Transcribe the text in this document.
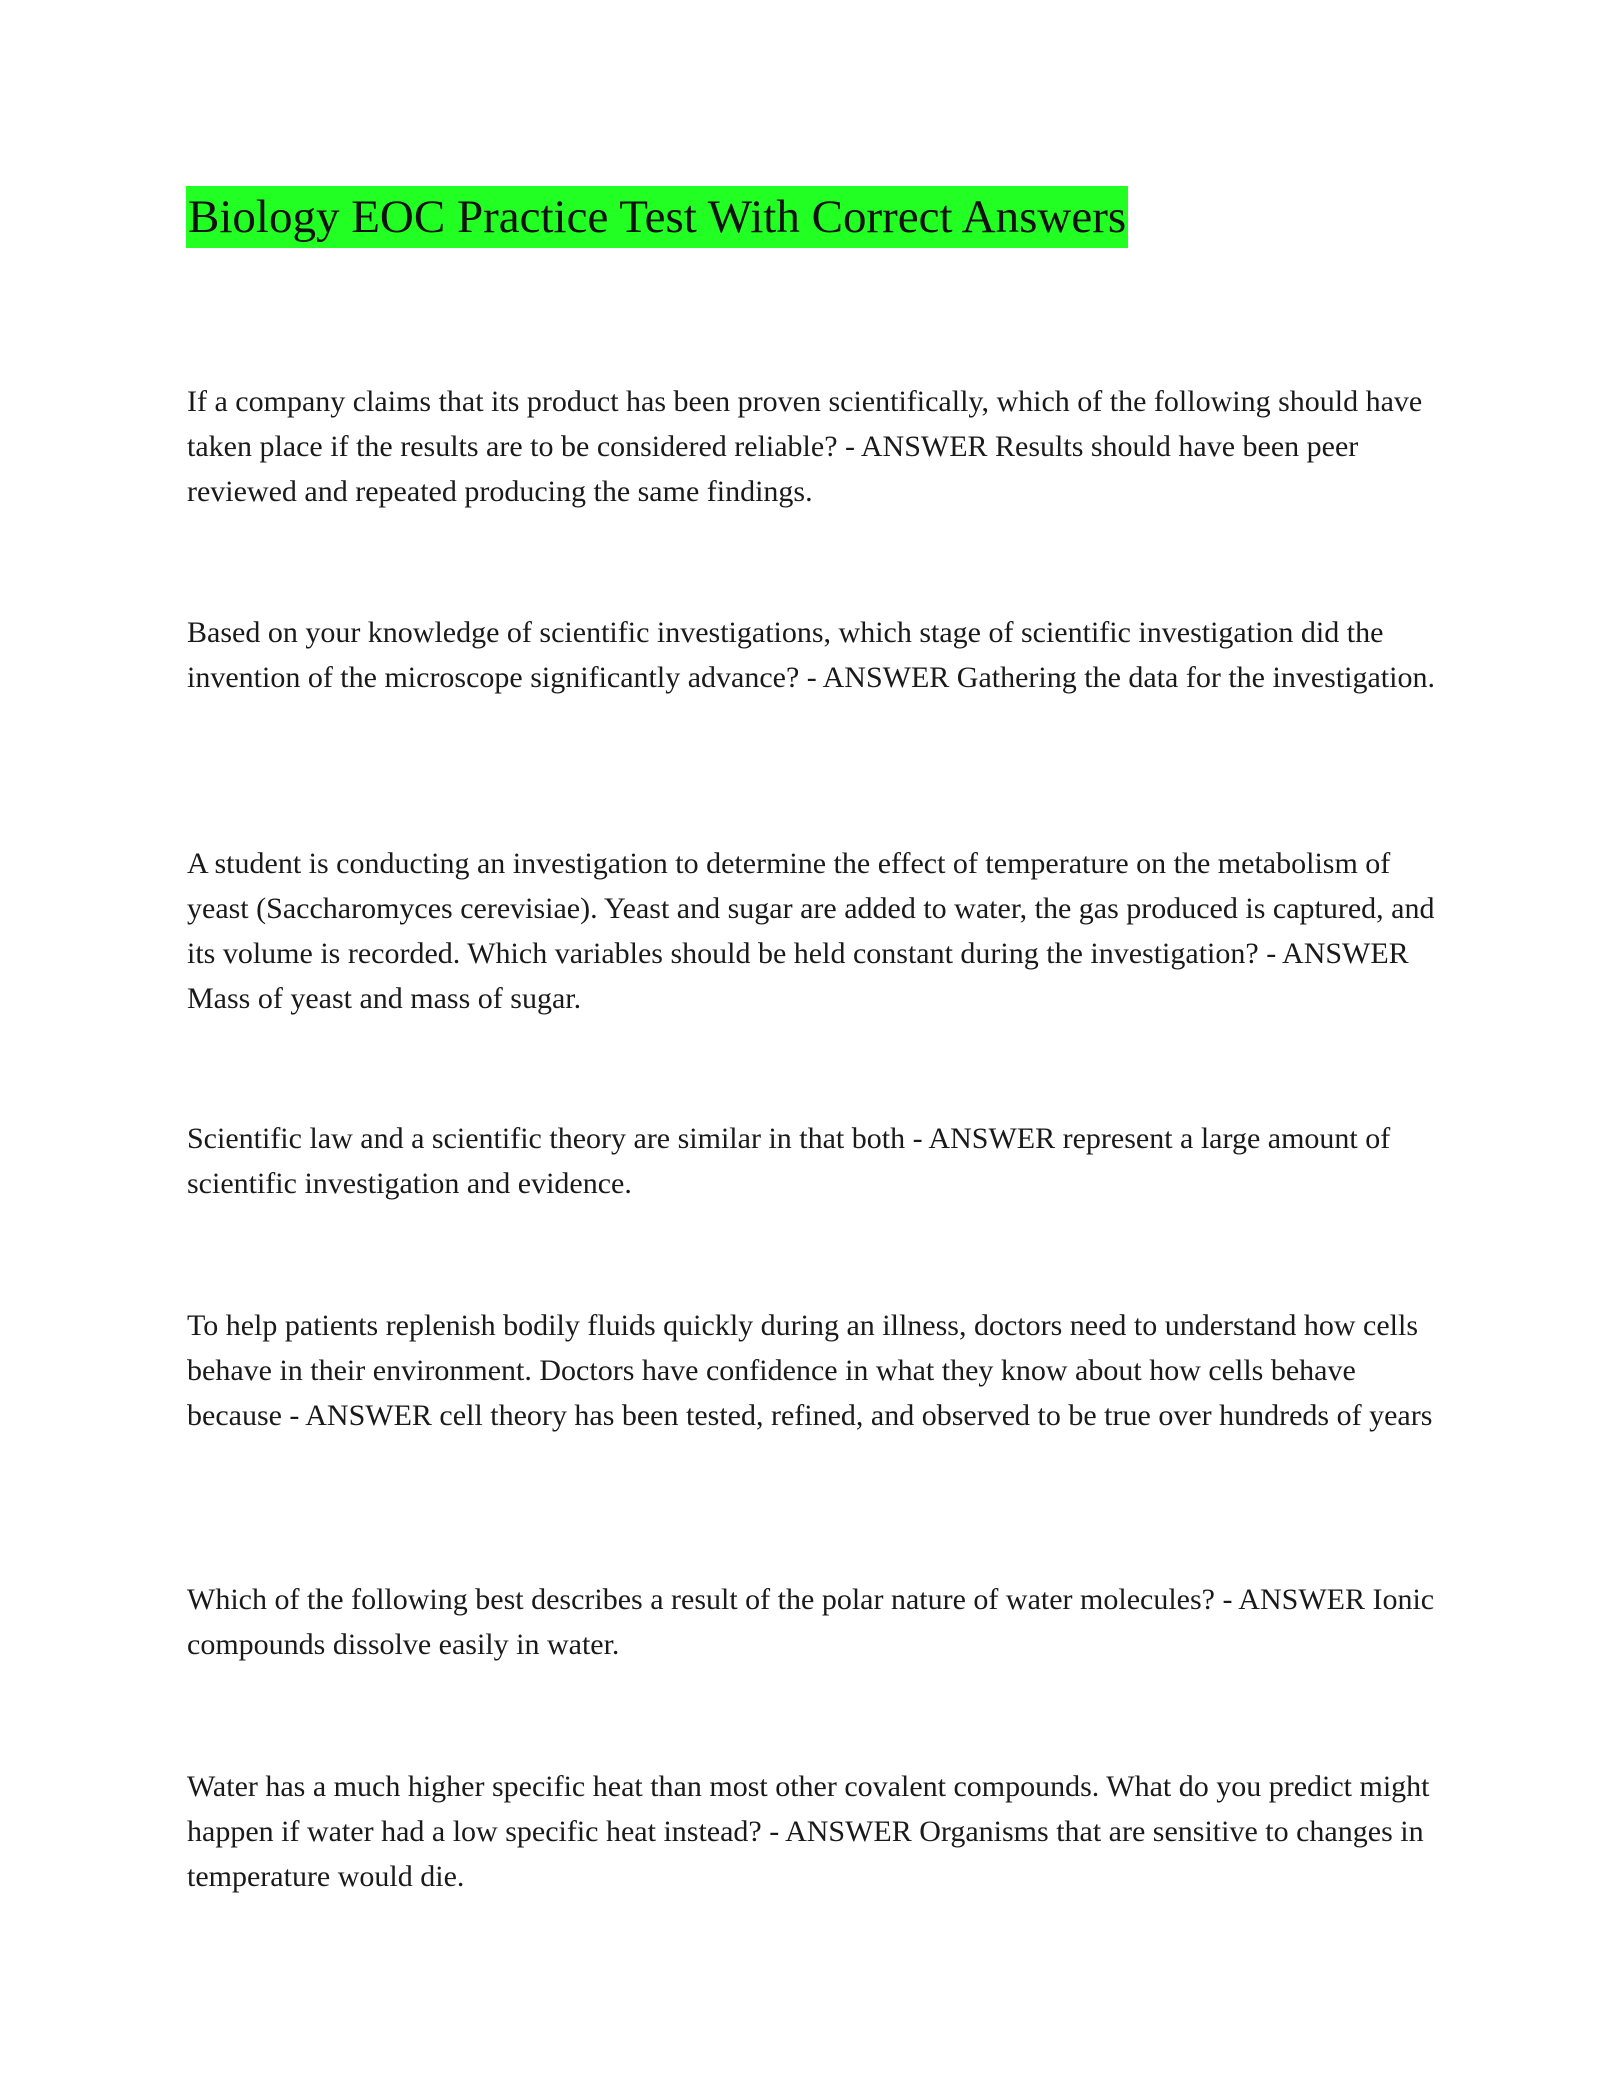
Biology EOC Practice Test With Correct Answers

If a company claims that its product has been proven scientifically, which of the following should have taken place if the results are to be considered reliable? - ANSWER Results should have been peer reviewed and repeated producing the same findings.

Based on your knowledge of scientific investigations, which stage of scientific investigation did the invention of the microscope significantly advance? - ANSWER Gathering the data for the investigation.

A student is conducting an investigation to determine the effect of temperature on the metabolism of yeast (Saccharomyces cerevisiae). Yeast and sugar are added to water, the gas produced is captured, and its volume is recorded. Which variables should be held constant during the investigation? - ANSWER Mass of yeast and mass of sugar.

Scientific law and a scientific theory are similar in that both - ANSWER represent a large amount of scientific investigation and evidence.

To help patients replenish bodily fluids quickly during an illness, doctors need to understand how cells behave in their environment. Doctors have confidence in what they know about how cells behave because - ANSWER cell theory has been tested, refined, and observed to be true over hundreds of years

Which of the following best describes a result of the polar nature of water molecules? - ANSWER Ionic compounds dissolve easily in water.

Water has a much higher specific heat than most other covalent compounds. What do you predict might happen if water had a low specific heat instead? - ANSWER Organisms that are sensitive to changes in temperature would die.
